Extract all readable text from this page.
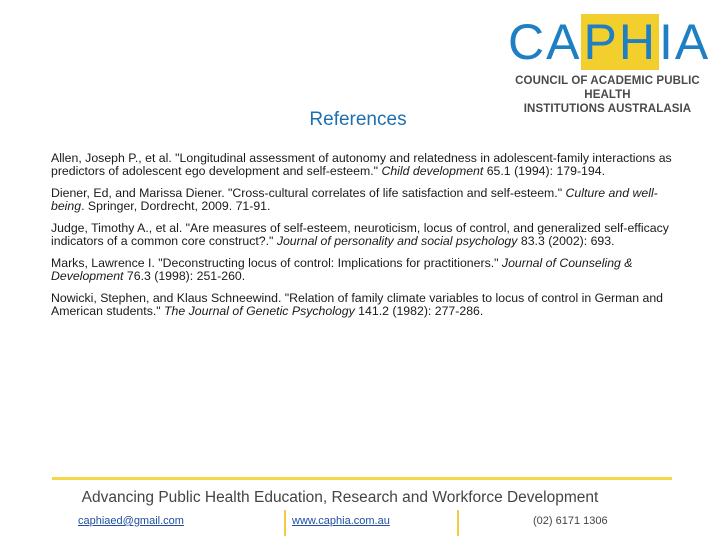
CAPHIA
COUNCIL OF ACADEMIC PUBLIC HEALTH
INSTITUTIONS AUSTRALASIA
References

Allen, Joseph P., et al. "Longitudinal assessment of autonomy and relatedness in adolescent-family interactions as predictors of adolescent ego development and self-esteem." Child development 65.1 (1994): 179-194.

Diener, Ed, and Marissa Diener. "Cross-cultural correlates of life satisfaction and self-esteem." Culture and well-being. Springer, Dordrecht, 2009. 71-91.

Judge, Timothy A., et al. "Are measures of self-esteem, neuroticism, locus of control, and generalized self-efficacy indicators of a common core construct?." Journal of personality and social psychology 83.3 (2002): 693.

Marks, Lawrence I. "Deconstructing locus of control: Implications for practitioners." Journal of Counseling & Development 76.3 (1998): 251-260.

Nowicki, Stephen, and Klaus Schneewind. "Relation of family climate variables to locus of control in German and American students." The Journal of Genetic Psychology 141.2 (1982): 277-286.

Advancing Public Health Education, Research and Workforce Development
caphiaed@gmail.com	www.caphia.com.au	(02) 6171 1306
